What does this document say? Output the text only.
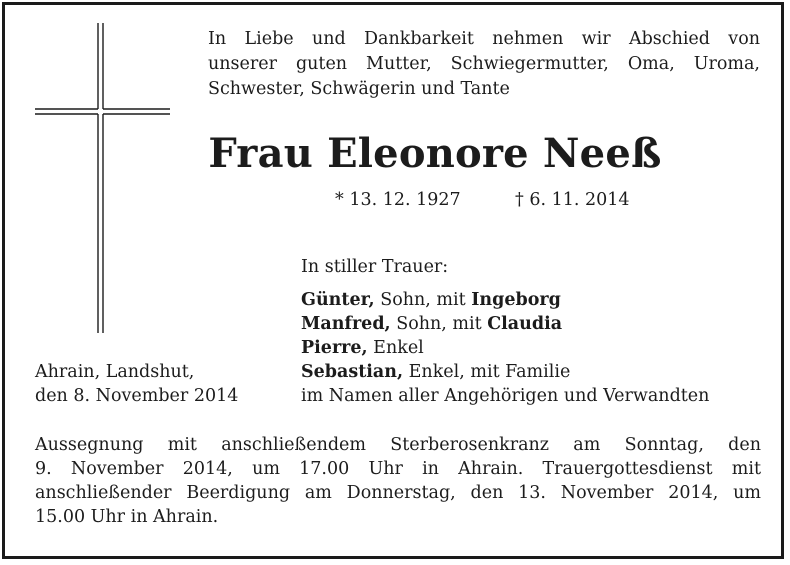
In Liebe und Dankbarkeit nehmen wir Abschied von
unserer guten Mutter, Schwiegermutter, Oma, Uroma,
Schwester, Schwägerin und Tante
Frau Eleonore Neeß
* 13. 12. 1927	† 6. 11. 2014
In stiller Trauer:
Günter, Sohn, mit Ingeborg
Manfred, Sohn, mit Claudia
Pierre, Enkel
Sebastian, Enkel, mit Familie
im Namen aller Angehörigen und Verwandten
Ahrain, Landshut,
den 8. November 2014
Aussegnung mit anschließendem Sterberosenkranz am Sonntag, den
9. November 2014, um 17.00 Uhr in Ahrain. Trauergottesdienst mit
anschließender Beerdigung am Donnerstag, den 13. November 2014, um
15.00 Uhr in Ahrain.
